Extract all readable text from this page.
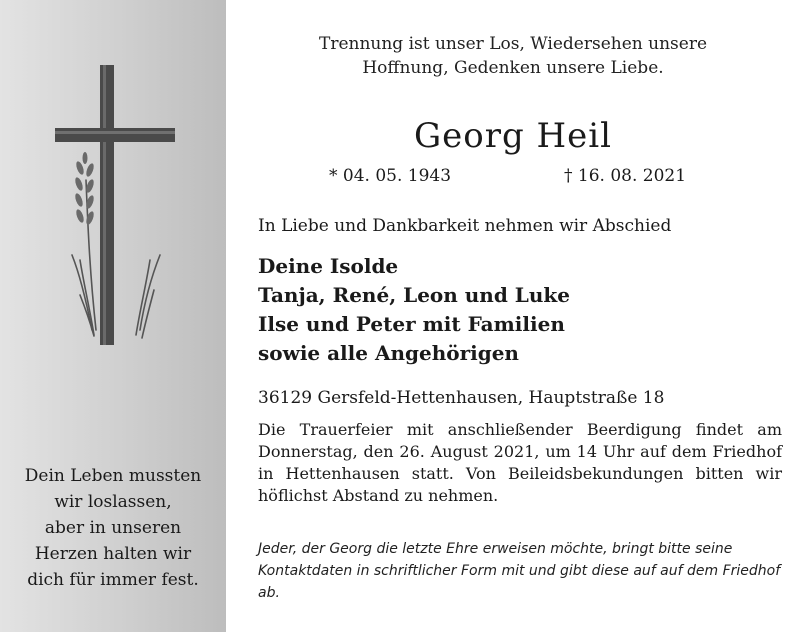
Dein Leben mussten
wir loslassen,
aber in unseren
Herzen halten wir
dich für immer fest.
Trennung ist unser Los, Wiedersehen unsere
Hoffnung, Gedenken unsere Liebe.
Georg Heil
* 04. 05. 1943	† 16. 08. 2021
In Liebe und Dankbarkeit nehmen wir Abschied
Deine Isolde
Tanja, René, Leon und Luke
Ilse und Peter mit Familien
sowie alle Angehörigen
36129 Gersfeld-Hettenhausen, Hauptstraße 18
Die Trauerfeier mit anschließender Beerdigung findet am Donnerstag, den 26. August 2021, um 14 Uhr auf dem Friedhof in Hettenhausen statt. Von Beileidsbekundungen bitten wir höflichst Abstand zu nehmen.
Jeder, der Georg die letzte Ehre erweisen möchte, bringt bitte seine Kontaktdaten in schriftlicher Form mit und gibt diese auf auf dem Friedhof ab.
